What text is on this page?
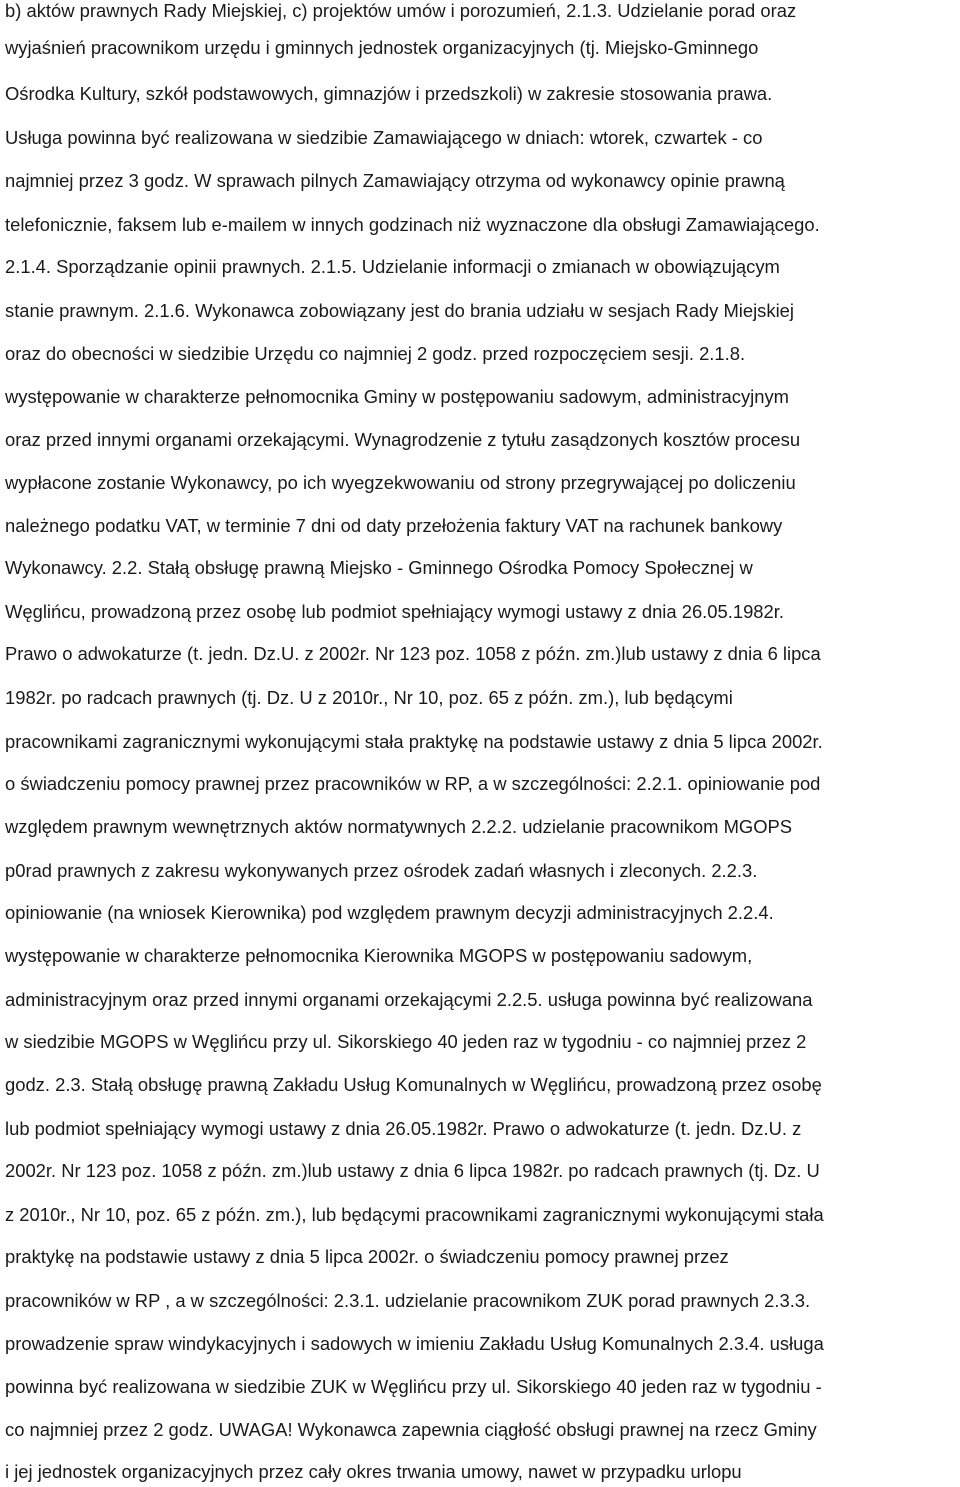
b) aktów prawnych Rady Miejskiej, c) projektów umów i porozumień, 2.1.3. Udzielanie porad oraz
wyjaśnień pracownikom urzędu i gminnych jednostek organizacyjnych (tj. Miejsko-Gminnego
Ośrodka Kultury, szkół podstawowych, gimnazjów i przedszkoli) w zakresie stosowania prawa.
Usługa powinna być realizowana w siedzibie Zamawiającego w dniach: wtorek, czwartek - co
najmniej przez 3 godz. W sprawach pilnych Zamawiający otrzyma od wykonawcy opinie prawną
telefonicznie, faksem lub e-mailem w innych godzinach niż wyznaczone dla obsługi Zamawiającego.
2.1.4. Sporządzanie opinii prawnych. 2.1.5. Udzielanie informacji o zmianach w obowiązującym
stanie prawnym. 2.1.6. Wykonawca zobowiązany jest do brania udziału w sesjach Rady Miejskiej
oraz do obecności w siedzibie Urzędu co najmniej 2 godz. przed rozpoczęciem sesji. 2.1.8.
występowanie w charakterze pełnomocnika Gminy w postępowaniu sadowym, administracyjnym
oraz przed innymi organami orzekającymi. Wynagrodzenie z tytułu zasądzonych kosztów procesu
wypłacone zostanie Wykonawcy, po ich wyegzekwowaniu od strony przegrywającej po doliczeniu
należnego podatku VAT, w terminie 7 dni od daty przełożenia faktury VAT na rachunek bankowy
Wykonawcy. 2.2. Stałą obsługę prawną Miejsko - Gminnego Ośrodka Pomocy Społecznej w
Węglińcu, prowadzoną przez osobę lub podmiot spełniający wymogi ustawy z dnia 26.05.1982r.
Prawo o adwokaturze (t. jedn. Dz.U. z 2002r. Nr 123 poz. 1058 z późn. zm.)lub ustawy z dnia 6 lipca
1982r. po radcach prawnych (tj. Dz. U z 2010r., Nr 10, poz. 65 z późn. zm.), lub będącymi
pracownikami zagranicznymi wykonującymi stała praktykę na podstawie ustawy z dnia 5 lipca 2002r.
o świadczeniu pomocy prawnej przez pracowników w RP, a w szczególności: 2.2.1. opiniowanie pod
względem prawnym wewnętrznych aktów normatywnych 2.2.2. udzielanie pracownikom MGOPS
p0rad prawnych z zakresu wykonywanych przez ośrodek zadań własnych i zleconych. 2.2.3.
opiniowanie (na wniosek Kierownika) pod względem prawnym decyzji administracyjnych 2.2.4.
występowanie w charakterze pełnomocnika Kierownika MGOPS w postępowaniu sadowym,
administracyjnym oraz przed innymi organami orzekającymi 2.2.5. usługa powinna być realizowana
w siedzibie MGOPS w Węglińcu przy ul. Sikorskiego 40 jeden raz w tygodniu - co najmniej przez 2
godz. 2.3. Stałą obsługę prawną Zakładu Usług Komunalnych w Węglińcu, prowadzoną przez osobę
lub podmiot spełniający wymogi ustawy z dnia 26.05.1982r. Prawo o adwokaturze (t. jedn. Dz.U. z
2002r. Nr 123 poz. 1058 z późn. zm.)lub ustawy z dnia 6 lipca 1982r. po radcach prawnych (tj. Dz. U
z 2010r., Nr 10, poz. 65 z późn. zm.), lub będącymi pracownikami zagranicznymi wykonującymi stała
praktykę na podstawie ustawy z dnia 5 lipca 2002r. o świadczeniu pomocy prawnej przez
pracowników w RP , a w szczególności: 2.3.1. udzielanie pracownikom ZUK porad prawnych 2.3.3.
prowadzenie spraw windykacyjnych i sadowych w imieniu Zakładu Usług Komunalnych 2.3.4. usługa
powinna być realizowana w siedzibie ZUK w Węglińcu przy ul. Sikorskiego 40 jeden raz w tygodniu -
co najmniej przez 2 godz. UWAGA! Wykonawca zapewnia ciągłość obsługi prawnej na rzecz Gminy
i jej jednostek organizacyjnych przez cały okres trwania umowy, nawet w przypadku urlopu
